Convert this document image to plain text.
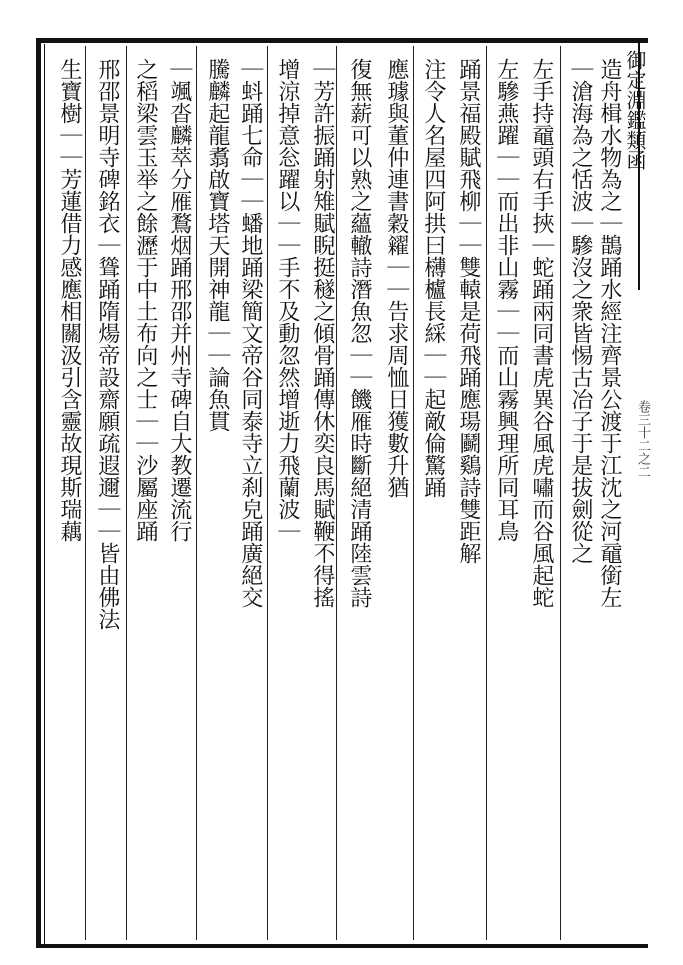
御定淵鑑類函
卷三十二之二
造舟楫水物為之｜鵲踊水經注齊景公渡于江沈之河黿銜左
｜滄海為之恬波｜驂沒之衆皆惕古冶子于是拔劍從之
左手持黿頭右手挾｜蛇踊兩同書虎異谷風虎嘯而谷風起蛇
左驂燕躍｜｜而出非山霧｜｜而山霧興理所同耳鳥
踊景福殿賦飛柳｜｜雙轅是荷飛踊應瑒鬬鷄詩雙距解
注令人名屋四阿拱曰欂櫨長綵｜｜起敵倫驚踊
應璩與董仲連書穀糴｜｜告求周恤日獲數升猶
復無薪可以熟之蘊轍詩潛魚忽｜｜饑雁時斷絕清踊陸雲詩
｜芳許振踊射雉賦睨挺穟之傾骨踊傳休奕良馬賦鞭不得搖
增涼掉意忩躍以｜｜手不及動忽然增逝力飛蘭波｜
｜蚪踊七命｜｜蟠地踊梁簡文帝谷同泰寺立刹皃踊廣絕交
騰麟起龍翥啟寶塔天開神龍｜｜論魚貫
｜颯沓麟萃分雁鶩烟踊邢邵并州寺碑自大教遷流行
之稻梁雲玉举之餘瀝于中土布向之士｜｜沙屬座踊
邢邵景明寺碑銘衣｜聳踊隋煬帝設齋願疏遐邇｜｜皆由佛法
生寶樹｜｜芳蓮借力感應相關汲引含靈故現斯瑞藕
